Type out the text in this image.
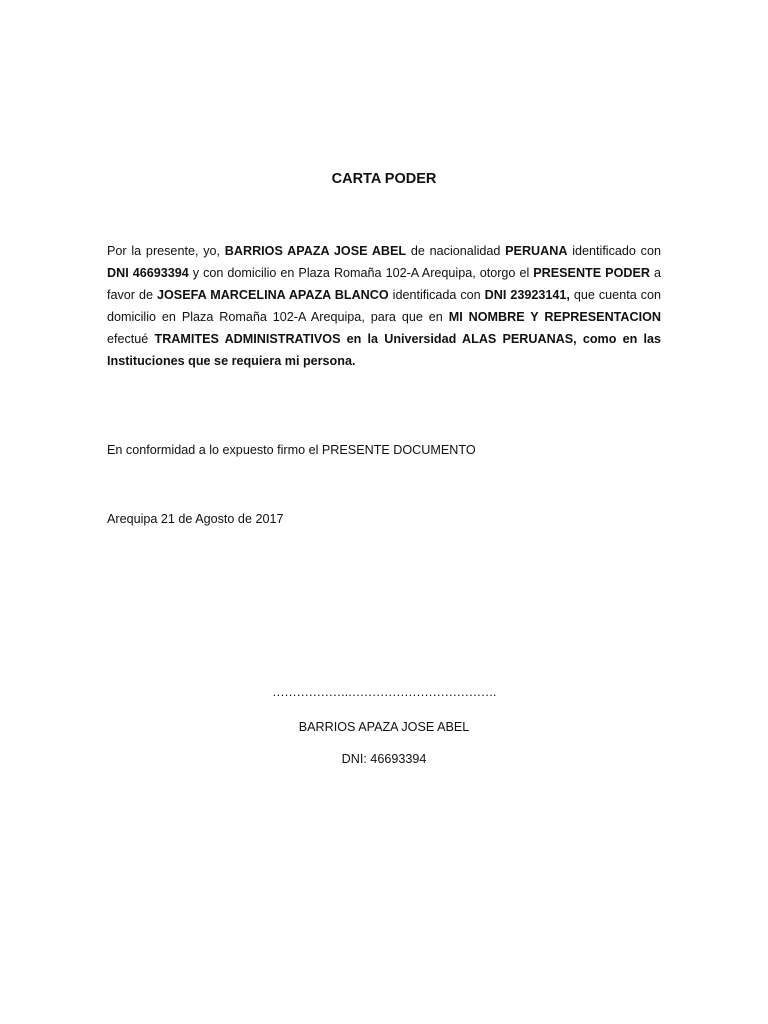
CARTA PODER

Por la presente, yo, BARRIOS APAZA JOSE ABEL de nacionalidad PERUANA identificado con DNI 46693394 y con domicilio en Plaza Romaña 102-A Arequipa, otorgo el PRESENTE PODER a favor de JOSEFA MARCELINA APAZA BLANCO identificada con DNI 23923141, que cuenta con domicilio en Plaza Romaña 102-A Arequipa, para que en MI NOMBRE Y REPRESENTACION efectué TRAMITES ADMINISTRATIVOS en la Universidad ALAS PERUANAS, como en las Instituciones que se requiera mi persona.

En conformidad a lo expuesto firmo el PRESENTE DOCUMENTO
Arequipa 21 de Agosto de 2017
……………….……………………………….
BARRIOS APAZA JOSE ABEL
DNI: 46693394
